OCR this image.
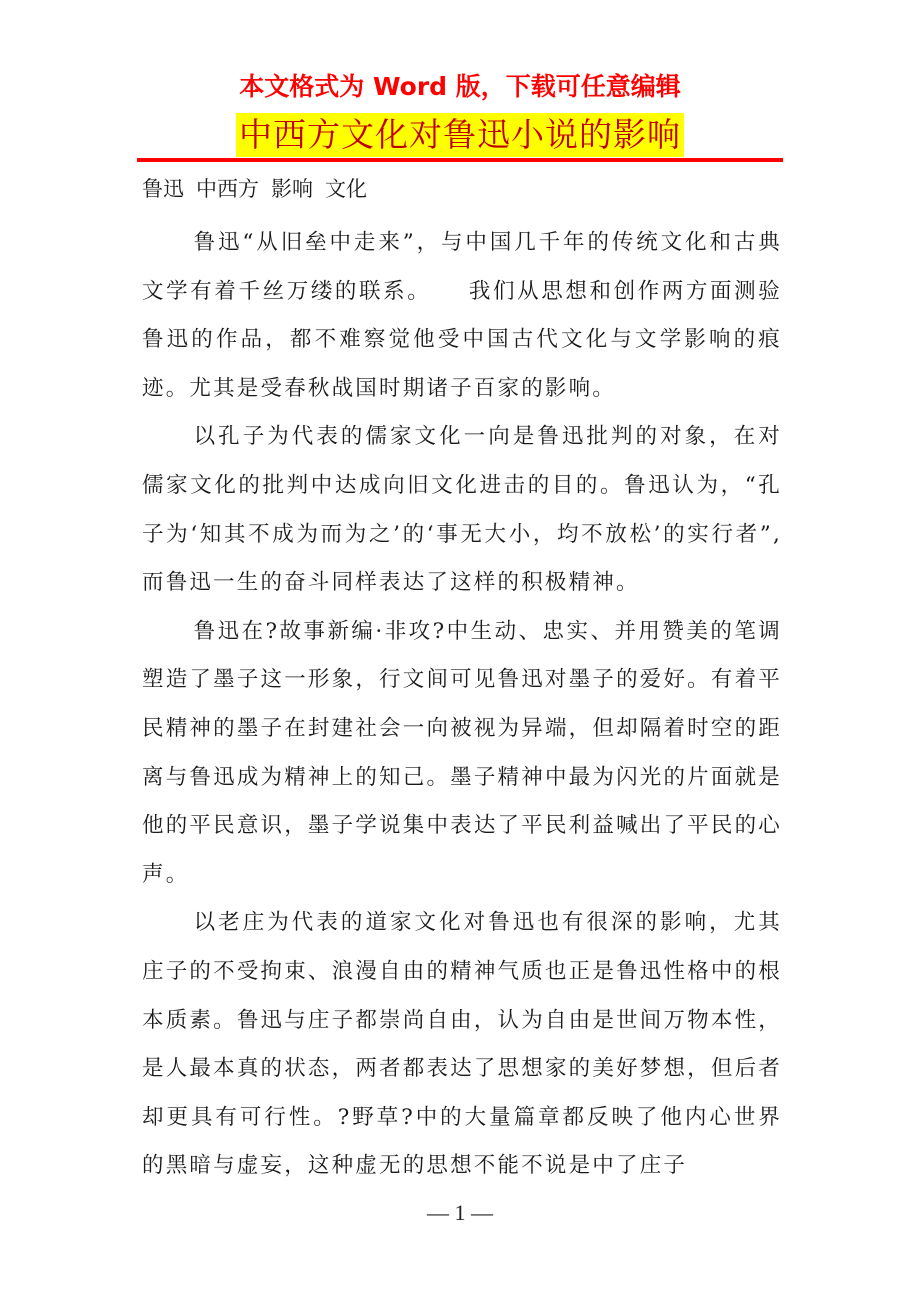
本文格式为 Word 版，下载可任意编辑
中西方文化对鲁迅小说的影响
鲁迅 中西方 影响 文化

鲁迅“从旧垒中走来”，与中国几千年的传统文化和古典文学有着千丝万缕的联系。　　我们从思想和创作两方面测验鲁迅的作品，都不难察觉他受中国古代文化与文学影响的痕迹。尤其是受春秋战国时期诸子百家的影响。

以孔子为代表的儒家文化一向是鲁迅批判的对象，在对儒家文化的批判中达成向旧文化进击的目的。鲁迅认为，“孔子为‘知其不成为而为之’的‘事无大小，均不放松’的实行者”,而鲁迅一生的奋斗同样表达了这样的积极精神。

鲁迅在?故事新编·非攻?中生动、忠实、并用赞美的笔调塑造了墨子这一形象，行文间可见鲁迅对墨子的爱好。有着平民精神的墨子在封建社会一向被视为异端，但却隔着时空的距离与鲁迅成为精神上的知己。墨子精神中最为闪光的片面就是他的平民意识，墨子学说集中表达了平民利益喊出了平民的心声。

以老庄为代表的道家文化对鲁迅也有很深的影响，尤其庄子的不受拘束、浪漫自由的精神气质也正是鲁迅性格中的根本质素。鲁迅与庄子都崇尚自由，认为自由是世间万物本性，是人最本真的状态，两者都表达了思想家的美好梦想，但后者却更具有可行性。?野草?中的大量篇章都反映了他内心世界的黑暗与虚妄，这种虚无的思想不能不说是中了庄子

— 1 —
